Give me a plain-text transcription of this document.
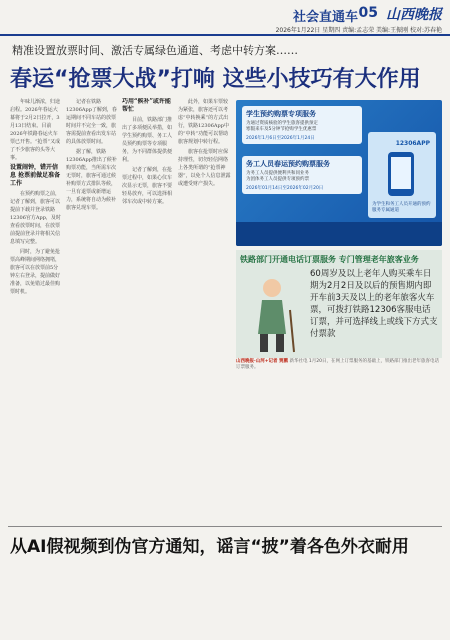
社会直通车 05 山西晚报
2026年1月22日 星期四 责编:孟志荣 美编:王振刚 校对:苏春艳
精准设置放票时间、激活专属绿色通道、考虑中转方案……
春运“抢票大战”打响 这些小技巧有大作用

年味儿渐浓，归途启程。2026年春运大幕将于2月2日拉开，3月13日结束。目前2026年铁路春运火车票已开售。“抢票”又成了不少旅客的头等大事。

设置闹钟，错开信息 抢票前做足准备工作

在预约购票之前，记者了解到，旅客可以提前下载并登录铁路12306官方App，及时查看放票时间，在放票前提前登录并将相关信息填写完整。

同时，为了避免抢票高峰期间网络拥堵，旅客可以在放票前5分钟左右登录，提前做好准备，以免错过最佳购票时机。

记者在铁路12306App了解到，春运期间不同车站的放票时间并不完全一致，旅客需提前查看出发车站的具体放票时间。

据了解，铁路12306App推出了候补购票功能，当所需车次无票时，旅客可通过候补购票方式排队等候，一旦有退票或新增运力，系统将自动为候补旅客兑现车票。

巧用“候补”或许能帮忙

目前，铁路部门推出了多项便民举措，如学生预约购票、务工人员预约购票等专项服务，为不同群体提供便利。

记者了解到，在抢票过程中，如果心仪车次显示无票，旅客不要轻易放弃，可以选择相邻车次或中转方案。

此外，如果车票较为紧张，旅客还可以考虑“中转换乘”的方式出行，铁路12306App中的“中转”功能可以帮助旅客规划中转行程。

旅客在抢票时应保持理性，切勿轻信网络上各类所谓的“抢票神器”，以免个人信息泄露或遭受财产损失。

学生预约购票专项服务
为通过资质核验的学生旅客提供预定
寒假来车及5分钟节抢购学生优惠票
2026年1月6日至2026年1月24日
务工人员春运预约购票服务
为务工人员提供便利共和同业务
为团体务工人员提供专项预约票
2026年01月14日至2026年02月20日
12306APP
为学生和务工人员开通的预约服务专属通道
铁路部门开通电话订票服务 专门管理老年旅客业务
60周岁及以上老年人购买乘车日期为2月2日及以后的预售期内即开车前3天及以上的老年旅客火车票，可拨打铁路12306客服电话订票，并可选择线上或线下方式支付票款
山西晚报·山河+记者 贾鹏 新华社电 1月20日，在网上订票服务的基础上，铁路部门推出老年旅客电话订票服务。
从AI假视频到伪官方通知，谣言“披”着各色外衣耐用
